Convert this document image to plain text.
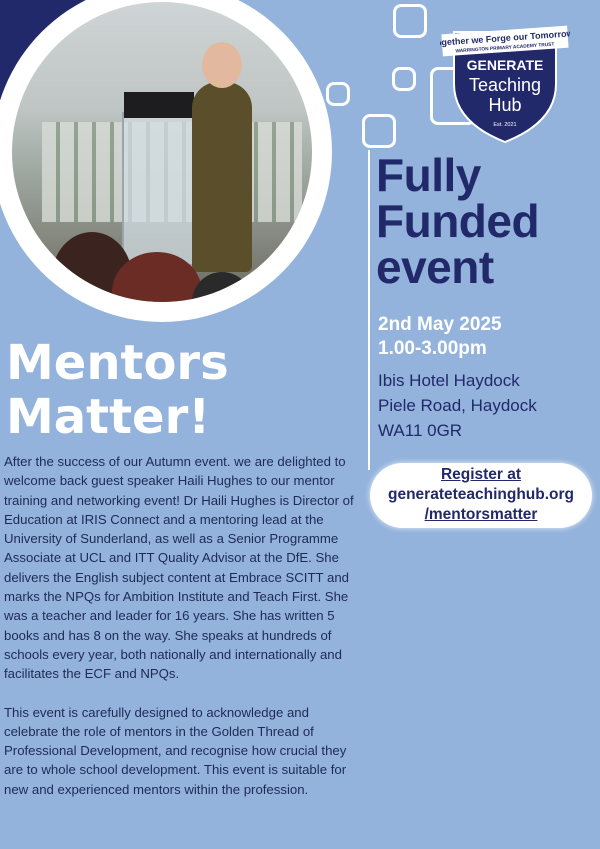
Together we Forge our Tomorrows
WARRINGTON PRIMARY ACADEMY TRUST
GENERATE
Teaching
Hub
Est. 2021
Fully
Funded
event
2nd May 2025
1.00-3.00pm
Ibis Hotel Haydock
Piele Road, Haydock
WA11 0GR
Register at
generateteachinghub.org
/mentorsmatter
Mentors
Matter!

After the success of our Autumn event. we are delighted to welcome back guest speaker Haili Hughes to our mentor training and networking event! Dr Haili Hughes is Director of Education at IRIS Connect and a mentoring lead at the University of Sunderland, as well as a Senior Programme Associate at UCL and ITT Quality Advisor at the DfE. She delivers the English subject content at Embrace SCITT and marks the NPQs for Ambition Institute and Teach First. She was a teacher and leader for 16 years. She has written 5 books and has 8 on the way. She speaks at hundreds of schools every year, both nationally and internationally and facilitates the ECF and NPQs.

This event is carefully designed to acknowledge and celebrate the role of mentors in the Golden Thread of Professional Development, and recognise how crucial they are to whole school development. This event is suitable for new and experienced mentors within the profession.
